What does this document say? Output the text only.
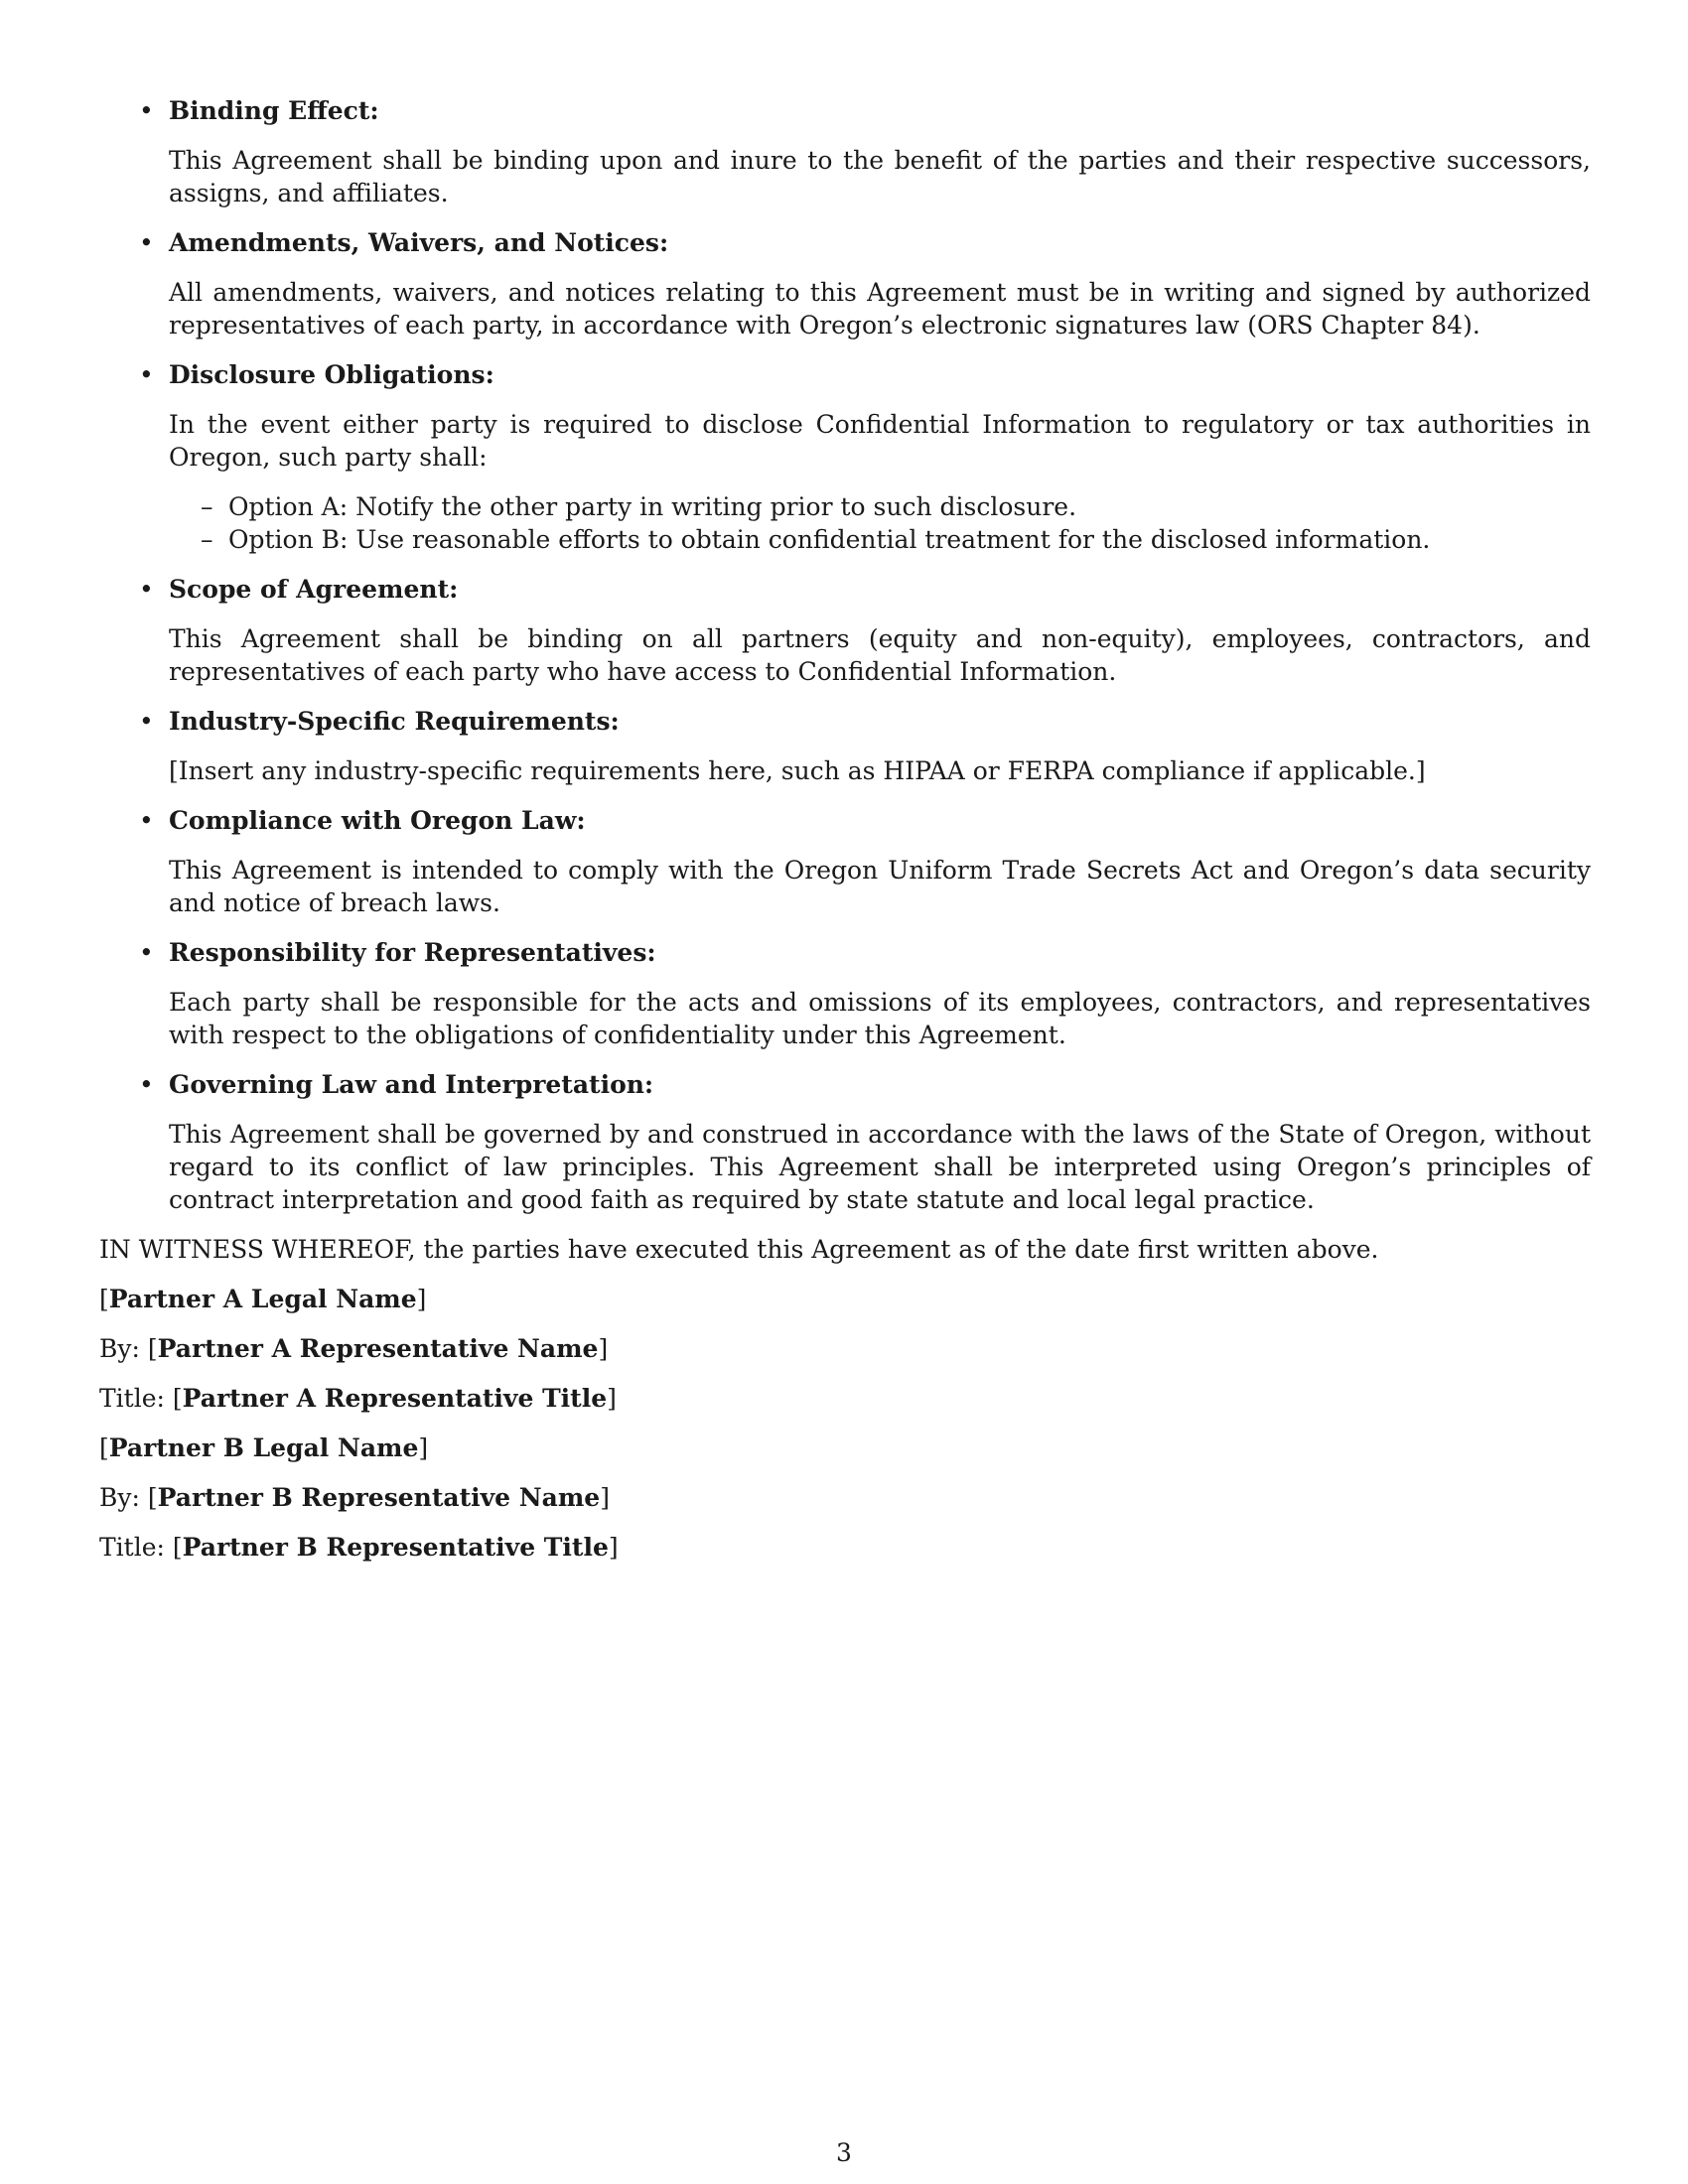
• Binding Effect:

This Agreement shall be binding upon and inure to the benefit of the parties and their respective successors, assigns, and affiliates.

• Amendments, Waivers, and Notices:

All amendments, waivers, and notices relating to this Agreement must be in writing and signed by authorized representatives of each party, in accordance with Oregon’s electronic signatures law (ORS Chapter 84).

• Disclosure Obligations:

In the event either party is required to disclose Confidential Information to regulatory or tax authorities in Oregon, such party shall:

– Option A: Notify the other party in writing prior to such disclosure.
– Option B: Use reasonable efforts to obtain confidential treatment for the disclosed information.

• Scope of Agreement:

This Agreement shall be binding on all partners (equity and non-equity), employees, contractors, and representatives of each party who have access to Confidential Information.

• Industry-Specific Requirements:

[Insert any industry-specific requirements here, such as HIPAA or FERPA compliance if applicable.]

• Compliance with Oregon Law:

This Agreement is intended to comply with the Oregon Uniform Trade Secrets Act and Oregon’s data security and notice of breach laws.

• Responsibility for Representatives:

Each party shall be responsible for the acts and omissions of its employees, contractors, and representatives with respect to the obligations of confidentiality under this Agreement.

• Governing Law and Interpretation:

This Agreement shall be governed by and construed in accordance with the laws of the State of Oregon, without regard to its conflict of law principles. This Agreement shall be interpreted using Oregon’s principles of contract interpretation and good faith as required by state statute and local legal practice.

IN WITNESS WHEREOF, the parties have executed this Agreement as of the date first written above.

[Partner A Legal Name]

By: [Partner A Representative Name]

Title: [Partner A Representative Title]

[Partner B Legal Name]

By: [Partner B Representative Name]

Title: [Partner B Representative Title]

3
